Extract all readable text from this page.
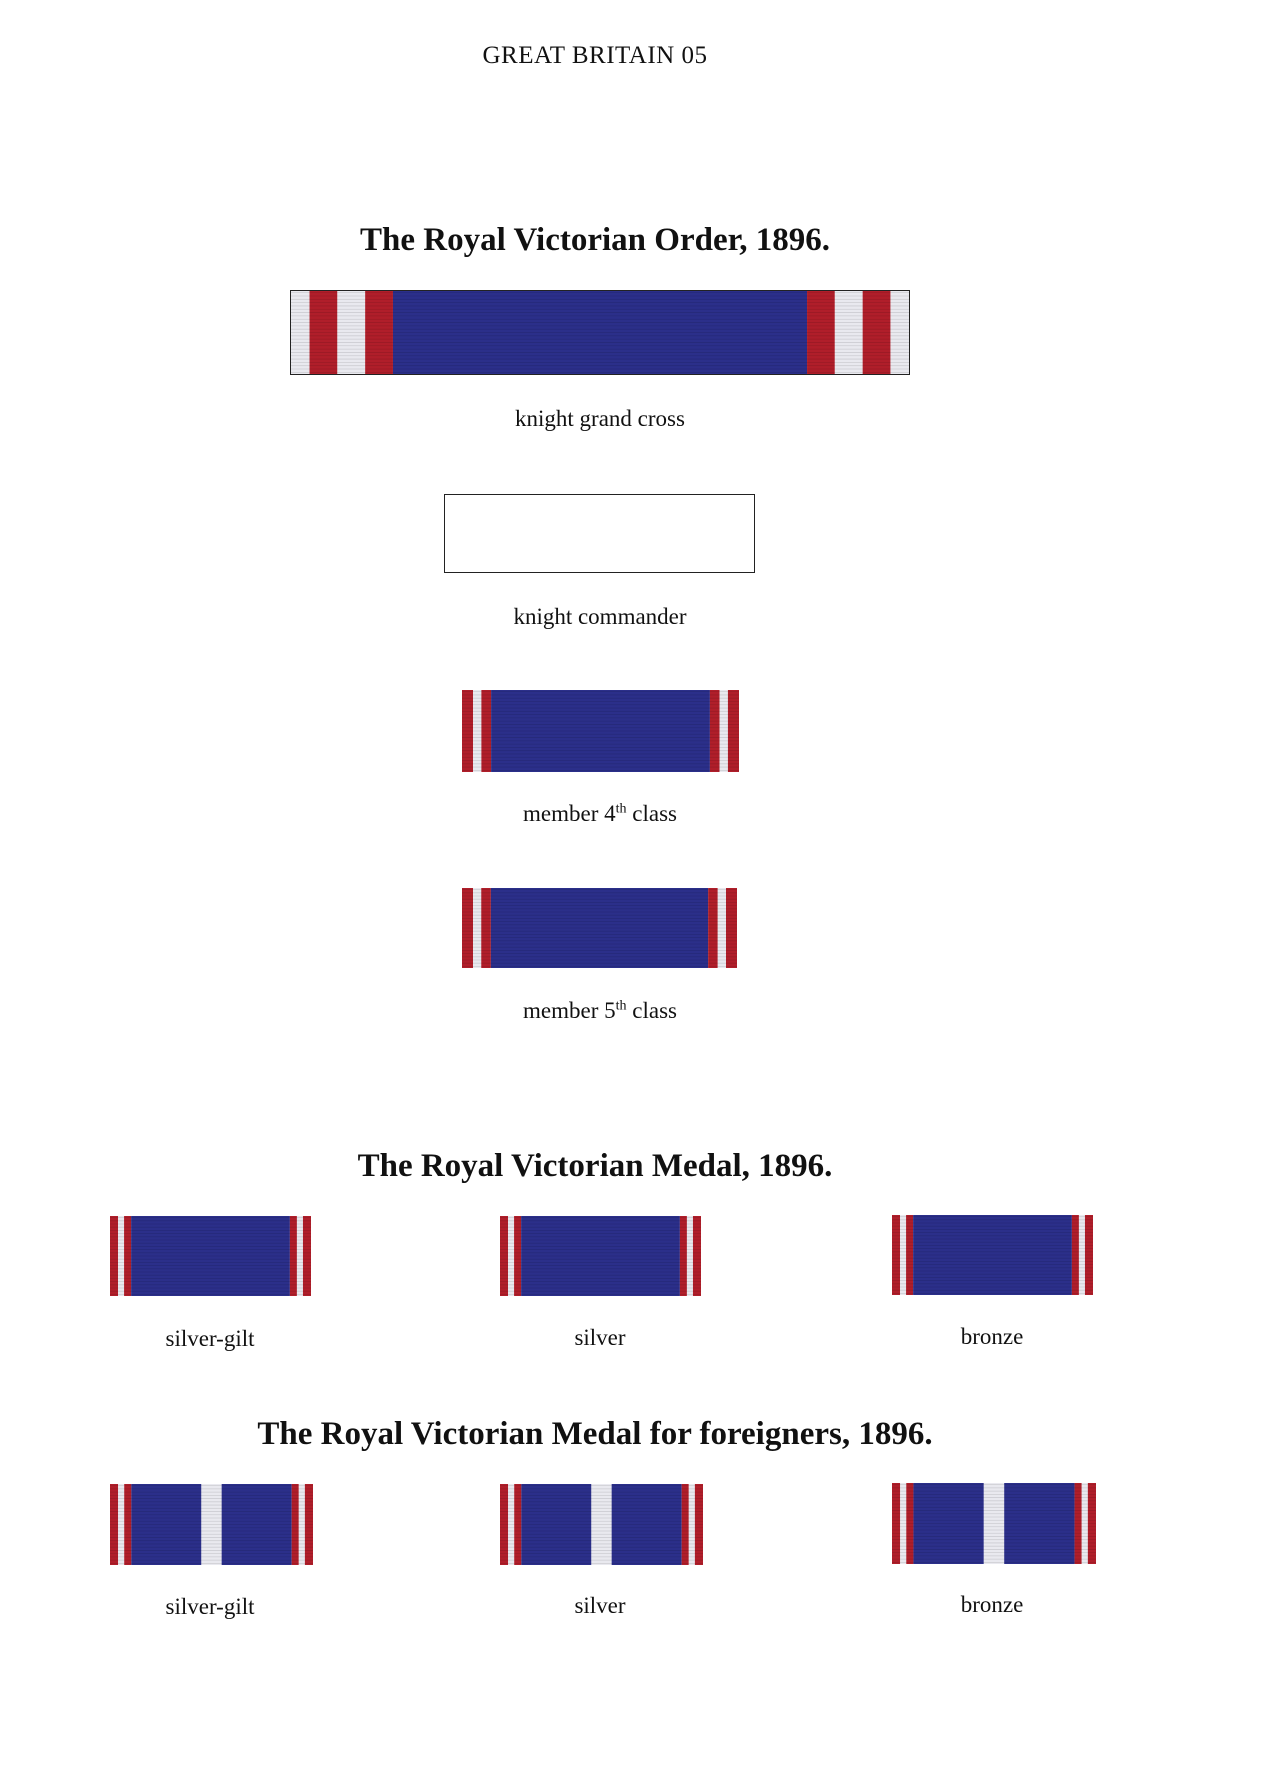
GREAT BRITAIN 05
The Royal Victorian Order, 1896.
knight grand cross
knight commander
member 4th class
member 5th class
The Royal Victorian Medal, 1896.
silver-gilt	silver	bronze
The Royal Victorian Medal for foreigners, 1896.
silver-gilt	silver	bronze
